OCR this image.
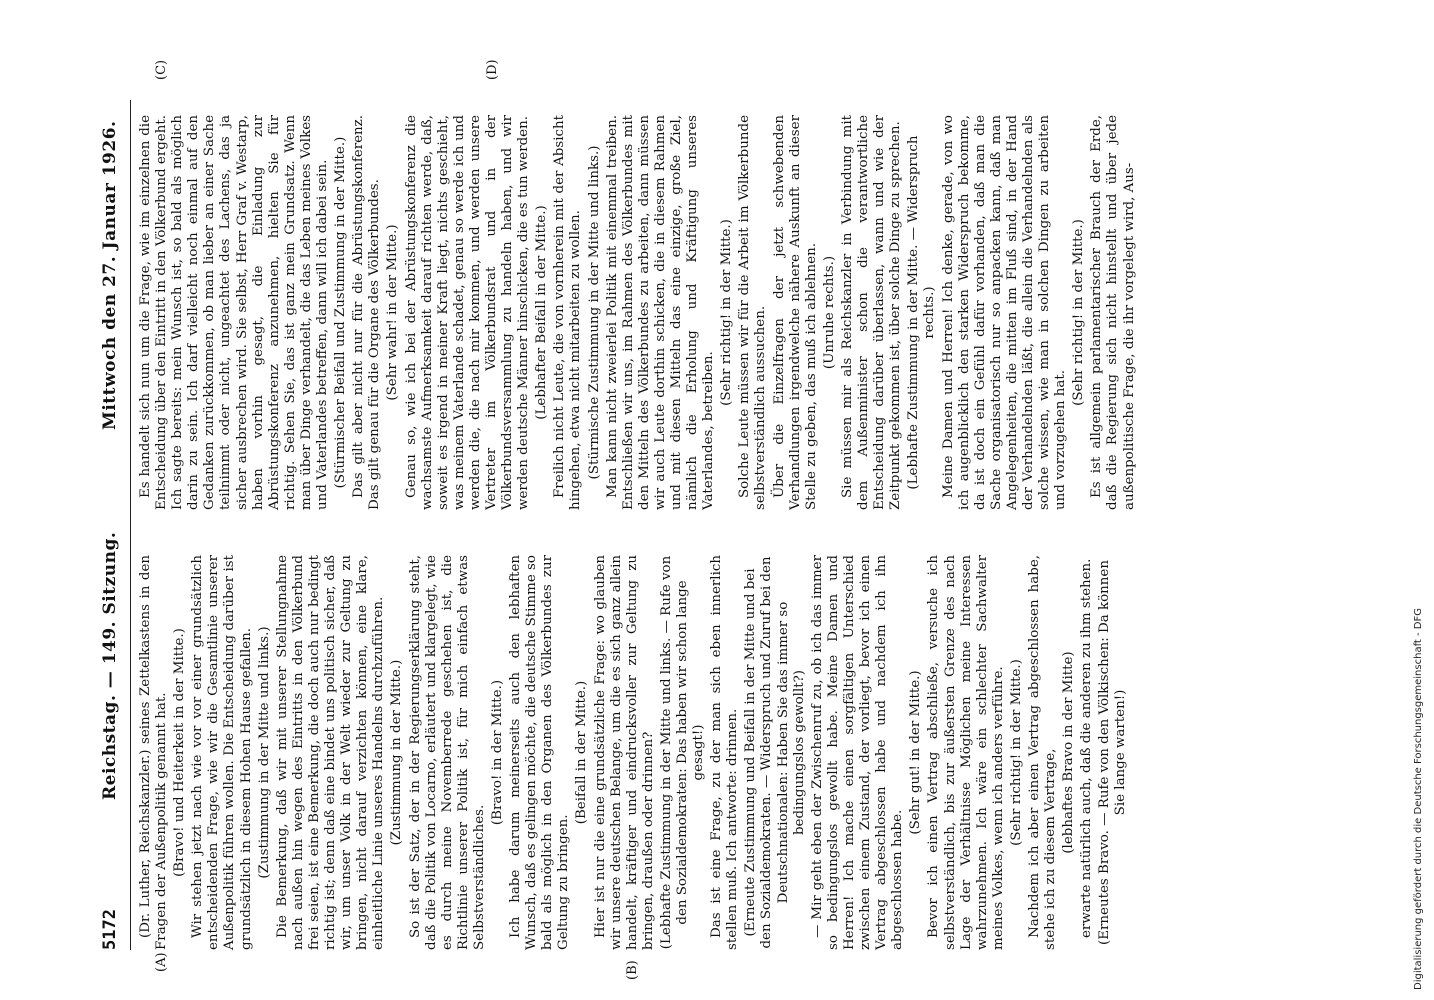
5172
Reichstag. — 149. Sitzung.
Mittwoch den 27. Januar 1926.
(A)	(B)
(C)	(D)

(Dr. Luther, Reichskanzler.) seines Zettelkastens in den Fragen der Außenpolitik genannt hat. (Bravo! und Heiterkeit in der Mitte.) Wir stehen jetzt nach wie vor vor einer grundsätzlich entscheidenden Frage, wie wir die Gesamtlinie unserer Außenpolitik führen wollen. Die Entscheidung darüber ist grundsätzlich in diesem Hohen Hause gefallen. (Zustimmung in der Mitte und links.) Die Bemerkung, daß wir mit unserer Stellungnahme nach außen hin wegen des Eintritts in den Völkerbund frei seien, ist eine Bemerkung, die doch auch nur bedingt richtig ist; denn daß eine bindet uns politisch sicher, daß wir, um unser Volk in der Welt wieder zur Geltung zu bringen, nicht darauf verzichten können, eine klare, einheitliche Linie unseres Handelns durchzuführen. (Zustimmung in der Mitte.) So ist der Satz, der in der Regierungserklärung steht, daß die Politik von Locarno, erläutert und klargelegt, wie es durch meine Novemberrede geschehen ist, die Richtlinie unserer Politik ist, für mich einfach etwas Selbstverständliches.

(Bravo! in der Mitte.) Ich habe darum meinerseits auch den lebhaften Wunsch, daß es gelingen möchte, die deutsche Stimme so bald als möglich in den Organen des Völkerbundes zur Geltung zu bringen.

(Beifall in der Mitte.) Hier ist nur die eine grundsätzliche Frage: wo glauben wir unsere deutschen Belange, um die es sich ganz allein handelt, kräftiger und eindrucksvoller zur Geltung zu bringen, draußen oder drinnen? (Lebhafte Zustimmung in der Mitte und links. — Rufe von den Sozialdemokraten: Das haben wir schon lange gesagt!) Das ist eine Frage, zu der man sich eben innerlich stellen muß. Ich antworte: drinnen. (Erneute Zustimmung und Beifall in der Mitte und bei den Sozialdemokraten. — Widerspruch und Zuruf bei den Deutschnationalen: Haben Sie das immer so bedingungslos gewollt?) — Mir geht eben der Zwischenruf zu, ob ich das immer so bedingungslos gewollt habe. Meine Damen und Herren! Ich mache einen sorgfältigen Unterschied zwischen einem Zustand, der vorliegt, bevor ich einen Vertrag abgeschlossen habe und nachdem ich ihn abgeschlossen habe.

(Sehr gut! in der Mitte.) Bevor ich einen Vertrag abschließe, versuche ich selbstverständlich, bis zur äußersten Grenze des nach Lage der Verhältnisse Möglichen meine Interessen wahrzunehmen. Ich wäre ein schlechter Sachwalter meines Volkes, wenn ich anders verführe. (Sehr richtig! in der Mitte.) Nachdem ich aber einen Vertrag abgeschlossen habe, stehe ich zu diesem Vertrage, (lebhaftes Bravo in der Mitte) erwarte natürlich auch, daß die anderen zu ihm stehen. (Erneutes Bravo. — Rufe von den Völkischen: Da können Sie lange warten!)

Es handelt sich nun um die Frage, wie im einzelnen die Entscheidung über den Eintritt in den Völkerbund ergeht. Ich sagte bereits: mein Wunsch ist, so bald als möglich darin zu sein. Ich darf vielleicht noch einmal auf den Gedanken zurückkommen, ob man lieber an einer Sache teilnimmt oder nicht, ungeachtet des Lachens, das ja sicher ausbrechen wird. Sie selbst, Herr Graf v. Westarp, haben vorhin gesagt, die Einladung zur Abrüstungskonferenz anzunehmen, hielten Sie für richtig. Sehen Sie, das ist ganz mein Grundsatz. Wenn man über Dinge verhandelt, die das Leben meines Volkes und Vaterlandes betreffen, dann will ich dabei sein. (Stürmischer Beifall und Zustimmung in der Mitte.) Das gilt aber nicht nur für die Abrüstungskonferenz. Das gilt genau für die Organe des Völkerbundes. (Sehr wahr! in der Mitte.) Genau so, wie ich bei der Abrüstungskonferenz die wachsamste Aufmerksamkeit darauf richten werde, daß, soweit es irgend in meiner Kraft liegt, nichts geschieht, was meinem Vaterlande schadet, genau so werde ich und werden die, die nach mir kommen, und werden unsere Vertreter im Völkerbundsrat und in der Völkerbundsversammlung zu handeln haben, und wir werden deutsche Männer hinschicken, die es tun werden. (Lebhafter Beifall in der Mitte.) Freilich nicht Leute, die von vornherein mit der Absicht hingehen, etwa nicht mitarbeiten zu wollen. (Stürmische Zustimmung in der Mitte und links.) Man kann nicht zweierlei Politik mit einemmal treiben. Entschließen wir uns, im Rahmen des Völkerbundes mit den Mitteln des Völkerbundes zu arbeiten, dann müssen wir auch Leute dorthin schicken, die in diesem Rahmen und mit diesen Mitteln das eine einzige, große Ziel, nämlich die Erholung und Kräftigung unseres Vaterlandes, betreiben.

(Sehr richtig! in der Mitte.) Solche Leute müssen wir für die Arbeit im Völkerbunde selbstverständlich aussuchen. Über die Einzelfragen der jetzt schwebenden Verhandlungen irgendwelche nähere Auskunft an dieser Stelle zu geben, das muß ich ablehnen. (Unruhe rechts.) Sie müssen mir als Reichskanzler in Verbindung mit dem Außenminister schon die verantwortliche Entscheidung darüber überlassen, wann und wie der Zeitpunkt gekommen ist, über solche Dinge zu sprechen. (Lebhafte Zustimmung in der Mitte. — Widerspruch rechts.) Meine Damen und Herren! Ich denke, gerade, von wo ich augenblicklich den starken Widerspruch bekomme, da ist doch ein Gefühl dafür vorhanden, daß man die Sache organisatorisch nur so anpacken kann, daß man Angelegenheiten, die mitten im Fluß sind, in der Hand der Verhandelnden läßt, die allein die Verhandelnden als solche wissen, wie man in solchen Dingen zu arbeiten und vorzugehen hat.

(Sehr richtig! in der Mitte.) Es ist allgemein parlamentarischer Brauch der Erde, daß die Regierung sich nicht hinstellt und über jede außenpolitische Frage, die ihr vorgelegt wird, Aus-

Digitalisierung gefördert durch die Deutsche Forschungsgemeinschaft - DFG
